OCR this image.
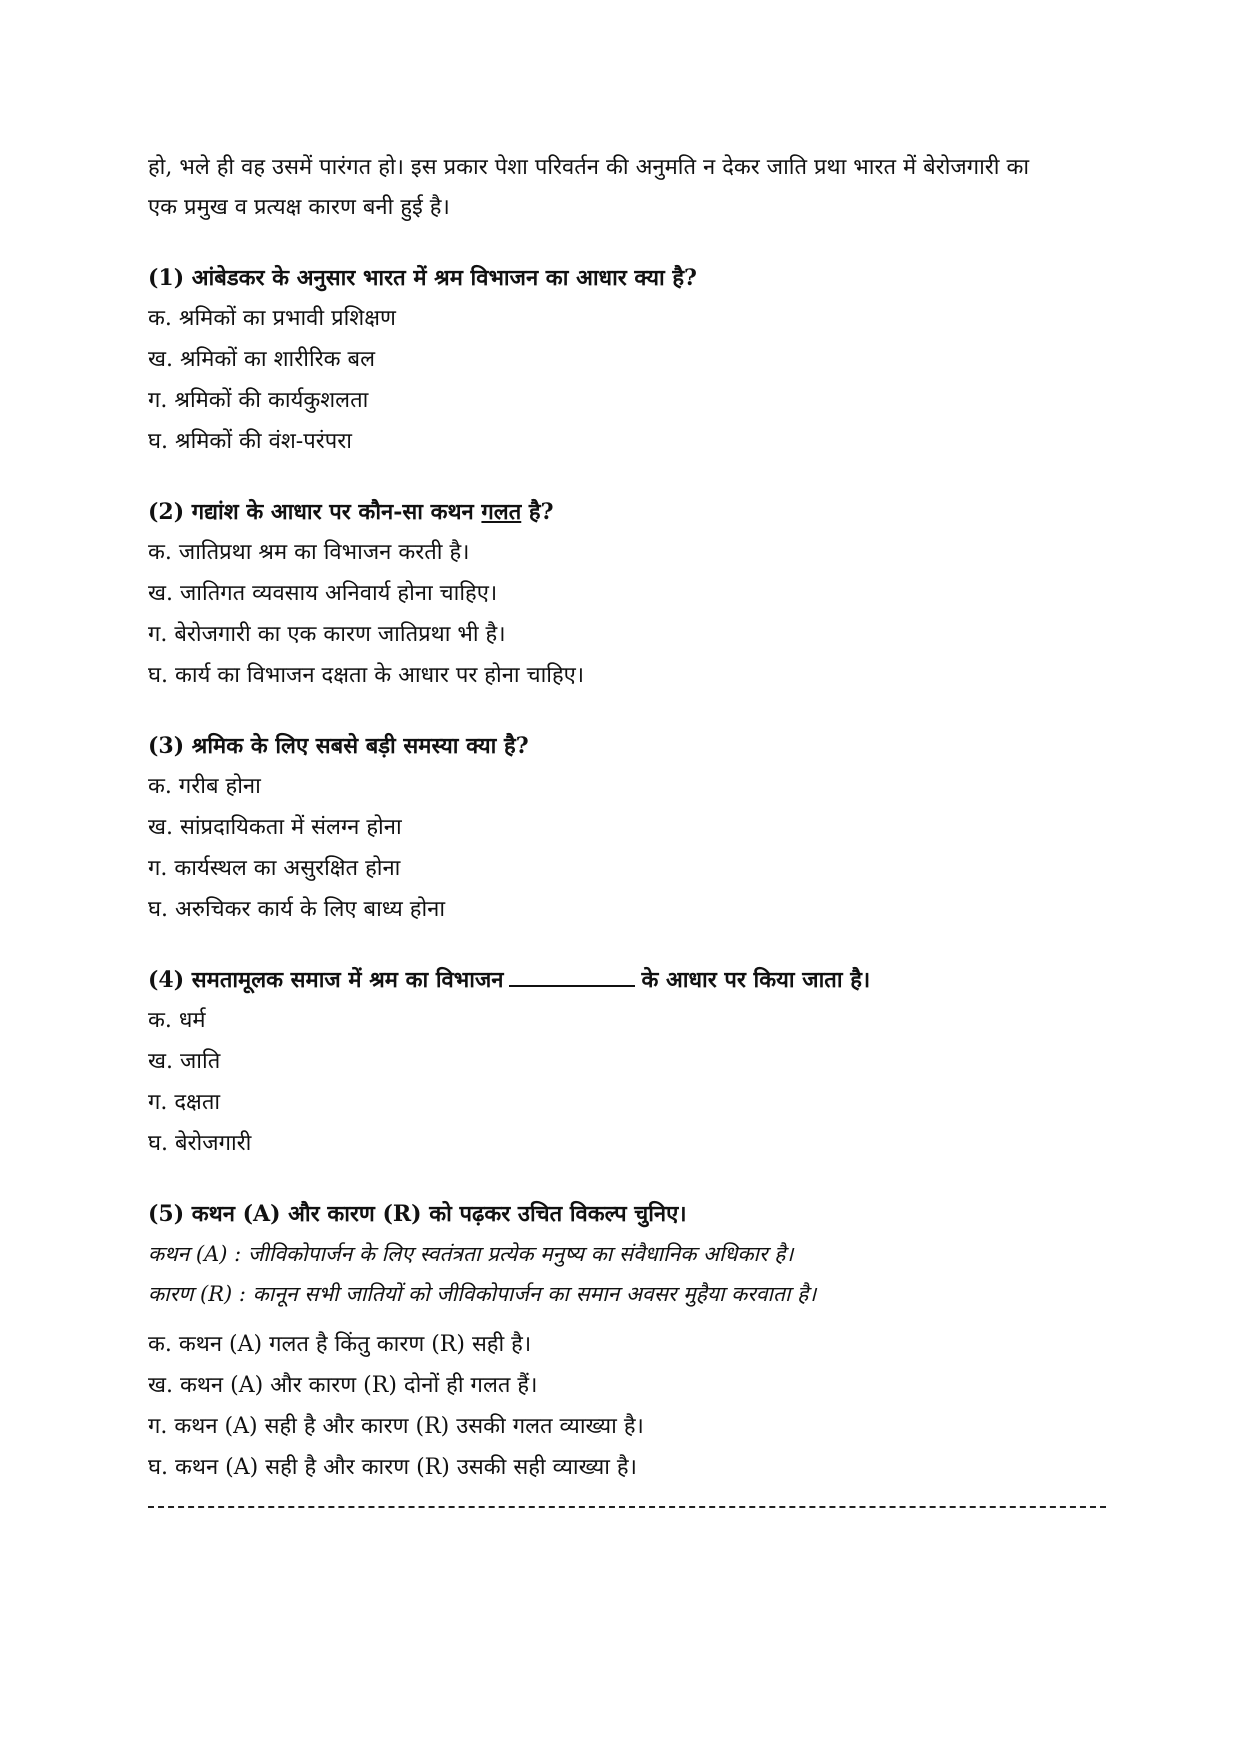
हो, भले ही वह उसमें पारंगत हो। इस प्रकार पेशा परिवर्तन की अनुमति न देकर जाति प्रथा भारत में बेरोजगारी का

एक प्रमुख व प्रत्यक्ष कारण बनी हुई है।

(1) आंबेडकर के अनुसार भारत में श्रम विभाजन का आधार क्या है?

क. श्रमिकों का प्रभावी प्रशिक्षण

ख. श्रमिकों का शारीरिक बल

ग. श्रमिकों की कार्यकुशलता

घ. श्रमिकों की वंश-परंपरा

(2) गद्यांश के आधार पर कौन-सा कथन गलत है?

क. जातिप्रथा श्रम का विभाजन करती है।

ख. जातिगत व्यवसाय अनिवार्य होना चाहिए।

ग. बेरोजगारी का एक कारण जातिप्रथा भी है।

घ. कार्य का विभाजन दक्षता के आधार पर होना चाहिए।

(3) श्रमिक के लिए सबसे बड़ी समस्या क्या है?

क. गरीब होना

ख. सांप्रदायिकता में संलग्न होना

ग. कार्यस्थल का असुरक्षित होना

घ. अरुचिकर कार्य के लिए बाध्य होना

(4) समतामूलक समाज में श्रम का विभाजन	के आधार पर किया जाता है।

क. धर्म

ख. जाति

ग. दक्षता

घ. बेरोजगारी

(5) कथन (A) और कारण (R) को पढ़कर उचित विकल्प चुनिए।

कथन (A) : जीविकोपार्जन के लिए स्वतंत्रता प्रत्येक मनुष्य का संवैधानिक अधिकार है।

कारण (R) : कानून सभी जातियों को जीविकोपार्जन का समान अवसर मुहैया करवाता है।

क. कथन (A) गलत है किंतु कारण (R) सही है।

ख. कथन (A) और कारण (R) दोनों ही गलत हैं।

ग. कथन (A) सही है और कारण (R) उसकी गलत व्याख्या है।

घ. कथन (A) सही है और कारण (R) उसकी सही व्याख्या है।
